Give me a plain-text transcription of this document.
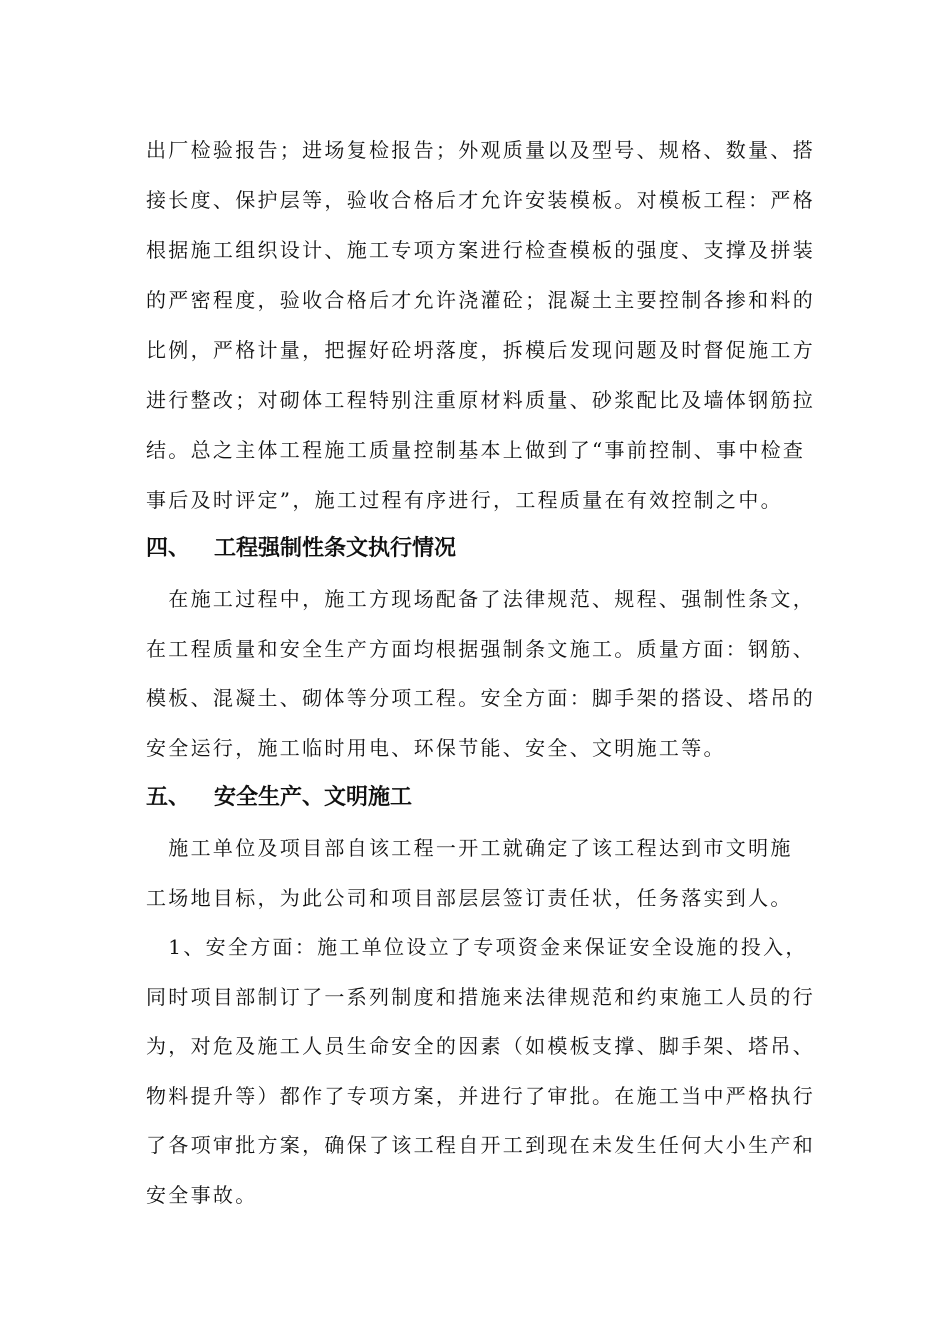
出厂检验报告；进场复检报告；外观质量以及型号、规格、数量、搭
接长度、保护层等，验收合格后才允许安装模板。对模板工程：严格
根据施工组织设计、施工专项方案进行检查模板的强度、支撑及拼装
的严密程度，验收合格后才允许浇灌砼；混凝土主要控制各掺和料的
比例，严格计量，把握好砼坍落度，拆模后发现问题及时督促施工方
进行整改；对砌体工程特别注重原材料质量、砂浆配比及墙体钢筋拉
结。总之主体工程施工质量控制基本上做到了“事前控制、事中检查
事后及时评定”，施工过程有序进行，工程质量在有效控制之中。
四、 工程强制性条文执行情况
　在施工过程中，施工方现场配备了法律规范、规程、强制性条文，
在工程质量和安全生产方面均根据强制条文施工。质量方面：钢筋、
模板、混凝土、砌体等分项工程。安全方面：脚手架的搭设、塔吊的
安全运行，施工临时用电、环保节能、安全、文明施工等。
五、 安全生产、文明施工
　施工单位及项目部自该工程一开工就确定了该工程达到市文明施
工场地目标，为此公司和项目部层层签订责任状，任务落实到人。
　1、安全方面：施工单位设立了专项资金来保证安全设施的投入，
同时项目部制订了一系列制度和措施来法律规范和约束施工人员的行
为，对危及施工人员生命安全的因素（如模板支撑、脚手架、塔吊、
物料提升等）都作了专项方案，并进行了审批。在施工当中严格执行
了各项审批方案，确保了该工程自开工到现在未发生任何大小生产和
安全事故。
